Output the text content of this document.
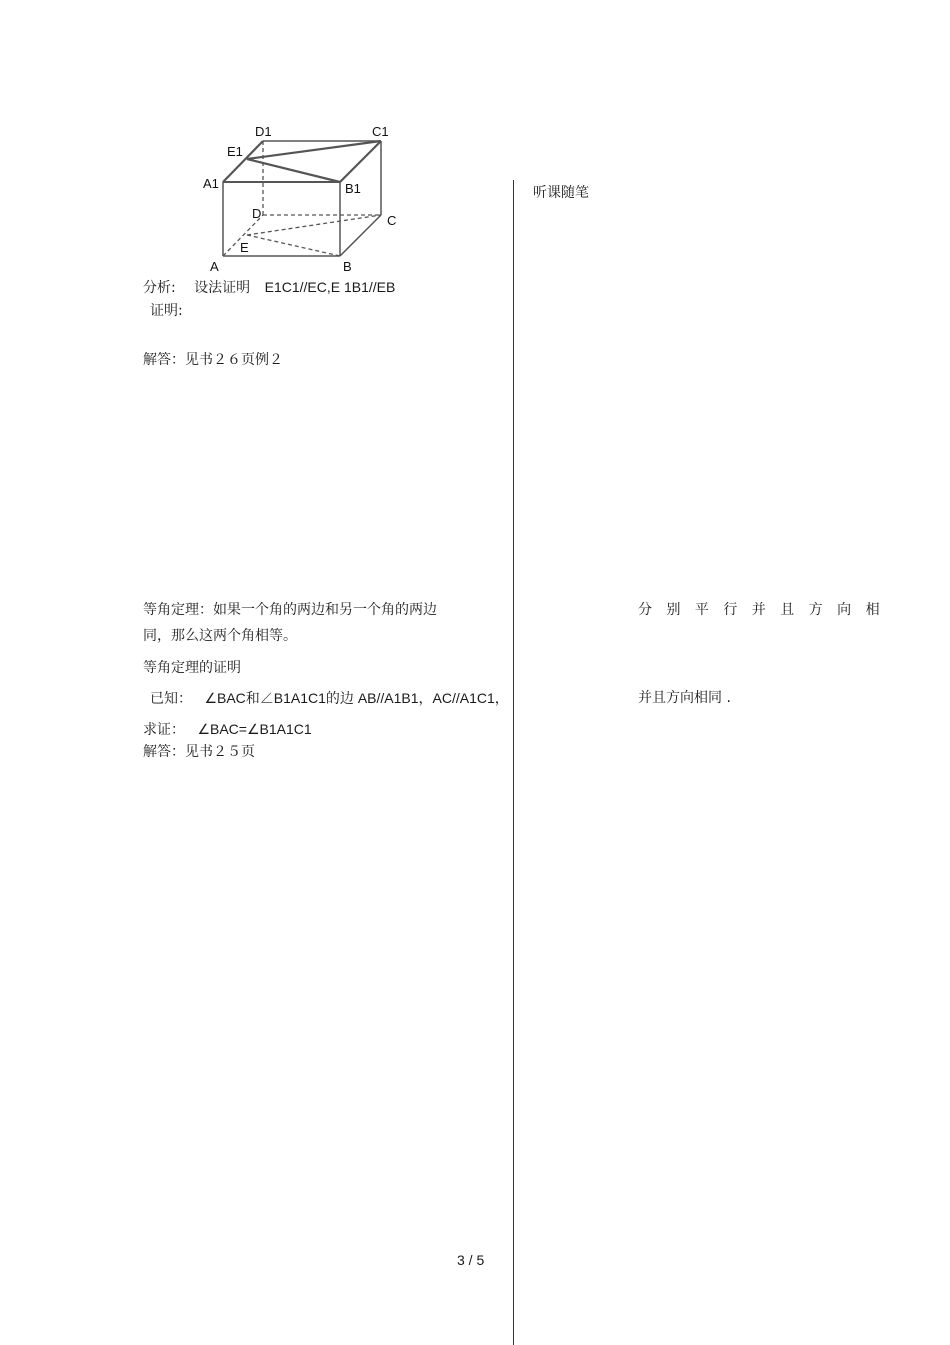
D1	C1
E1
A1	B1
D	C
E
A	B
分析: 设法证明 E1C1//EC,E 1B1//EB
证明:
解答：见书２６页例２
听课随笔
等角定理：如果一个角的两边和另一个角的两边	分 别 平 行 并 且 方 向 相
同，那么这两个角相等。
等角定理的证明
已知： ∠BAC和∠B1A1C1的边 AB//A1B1，AC//A1C1，	并且方向相同 .
求证： ∠BAC=∠B1A1C1
解答：见书２５页
3 / 5
